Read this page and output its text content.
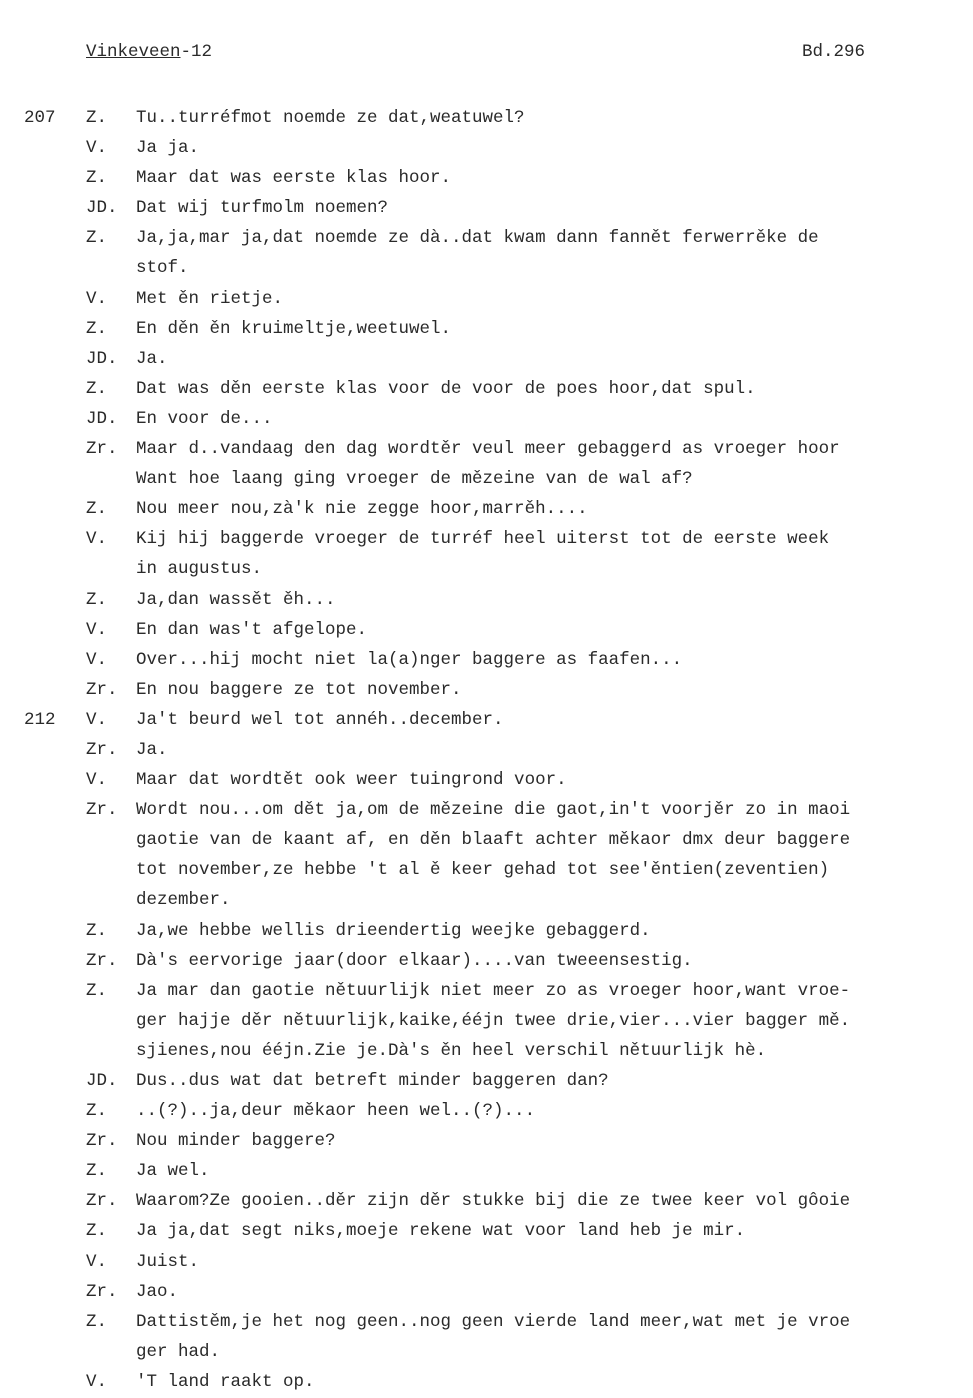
Vinkeveen-12	Bd.296
207 Z. Tu..turréfmot noemde ze dat,weatuwel?
V. Ja ja.
Z. Maar dat was eerste klas hoor.
JD. Dat wij turfmolm noemen?
Z. Ja,ja,mar ja,dat noemde ze dà..dat kwam dann fannět ferwerrěke de
stof.
V. Met ěn rietje.
Z. En děn ěn kruimeltje,weetuwel.
JD. Ja.
Z. Dat was děn eerste klas voor de voor de poes hoor,dat spul.
JD. En voor de...
Zr. Maar d..vandaag den dag wordtěr veul meer gebaggerd as vroeger hoor
Want hoe laang ging vroeger de mězeine van de wal af?
Z. Nou meer nou,zà'k nie zegge hoor,marrěh....
V. Kij hij baggerde vroeger de turréf heel uiterst tot de eerste week
in augustus.
Z. Ja,dan wassět ěh...
V. En dan was't afgelope.
V. Over...hij mocht niet la(a)nger baggere as faafen...
Zr. En nou baggere ze tot november.
212 V. Ja't beurd wel tot annéh..december.
Zr. Ja.
V. Maar dat wordtět ook weer tuingrond voor.
Zr. Wordt nou...om dět ja,om de mězeine die gaot,in't voorjěr zo in maoi
gaotie van de kaant af, en děn blaaft achter měkaor dmx deur baggere
tot november,ze hebbe 't al ě keer gehad tot see'ěntien(zeventien)
dezember.
Z. Ja,we hebbe wellis drieendertig weejke gebaggerd.
Zr. Dà's eervorige jaar(door elkaar)....van tweeensestig.
Z. Ja mar dan gaotie nětuurlijk niet meer zo as vroeger hoor,want vroe-
ger hajje děr nětuurlijk,kaike,ééjn twee drie,vier...vier bagger mě.
sjienes,nou ééjn.Zie je.Dà's ěn heel verschil nětuurlijk hè.
JD. Dus..dus wat dat betreft minder baggeren dan?
Z. ..(?)..ja,deur měkaor heen wel..(?)...
Zr. Nou minder baggere?
Z. Ja wel.
Zr. Waarom?Ze gooien..děr zijn děr stukke bij die ze twee keer vol gôoie
Z. Ja ja,dat segt niks,moeje rekene wat voor land heb je mir.
V. Juist.
Zr. Jao.
Z. Dattistěm,je het nog geen..nog geen vierde land meer,wat met je vroe
ger had.
V. 'T land raakt op.
